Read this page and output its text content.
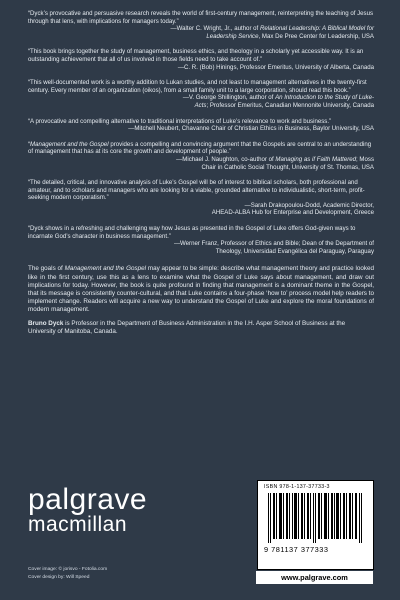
“Dyck’s provocative and persuasive research reveals the world of first-century management, reinterpreting the teaching of Jesus through that lens, with implications for managers today.”

—Walter C. Wright, Jr., author of Relational Leadership: A Biblical Model for

Leadership Service, Max De Pree Center for Leadership, USA

“This book brings together the study of management, business ethics, and theology in a scholarly yet accessible way. It is an outstanding achievement that all of us involved in those fields need to take account of.”

—C. R. (Bob) Hinings, Professor Emeritus, University of Alberta, Canada

“This well-documented work is a worthy addition to Lukan studies, and not least to management alternatives in the twenty-first century. Every member of an organization (oikos), from a small family unit to a large corporation, should read this book.”

—V. George Shillington, author of An Introduction to the Study of Luke-

Acts; Professor Emeritus, Canadian Mennonite University, Canada

“A provocative and compelling alternative to traditional interpretations of Luke’s relevance to work and business.”

—Mitchell Neubert, Chavanne Chair of Christian Ethics in Business, Baylor University, USA

“Management and the Gospel provides a compelling and convincing argument that the Gospels are central to an understanding of management that has at its core the growth and development of people.”

—Michael J. Naughton, co-author of Managing as if Faith Mattered; Moss

Chair in Catholic Social Thought, University of St. Thomas, USA

“The detailed, critical, and innovative analysis of Luke’s Gospel will be of interest to biblical scholars, both professional and amateur, and to scholars and managers who are looking for a viable, grounded alternative to individualistic, short-term, profit-seeking modern corporatism.”

—Sarah Drakopoulou-Dodd, Academic Director,

AHEAD-ALBA Hub for Enterprise and Development, Greece

“Dyck shows in a refreshing and challenging way how Jesus as presented in the Gospel of Luke offers God-given ways to incarnate God’s character in business management.”

—Werner Franz, Professor of Ethics and Bible; Dean of the Department of

Theology, Universidad Evangélica del Paraguay, Paraguay

The goals of Management and the Gospel may appear to be simple: describe what management theory and practice looked like in the first century, use this as a lens to examine what the Gospel of Luke says about management, and draw out implications for today. However, the book is quite profound in finding that management is a dominant theme in the Gospel, that its message is consistently counter-cultural, and that Luke contains a four-phase ‘how to’ process model help readers to implement change. Readers will acquire a new way to understand the Gospel of Luke and explore the moral foundations of modern management.

Bruno Dyck is Professor in the Department of Business Administration in the I.H. Asper School of Business at the University of Manitoba, Canada.

palgrave
macmillan
Cover image: © jorisvo - Fotolia.com
Cover design by: Will Speed
ISBN 978-1-137-37733-3
9 781137 377333
www.palgrave.com
